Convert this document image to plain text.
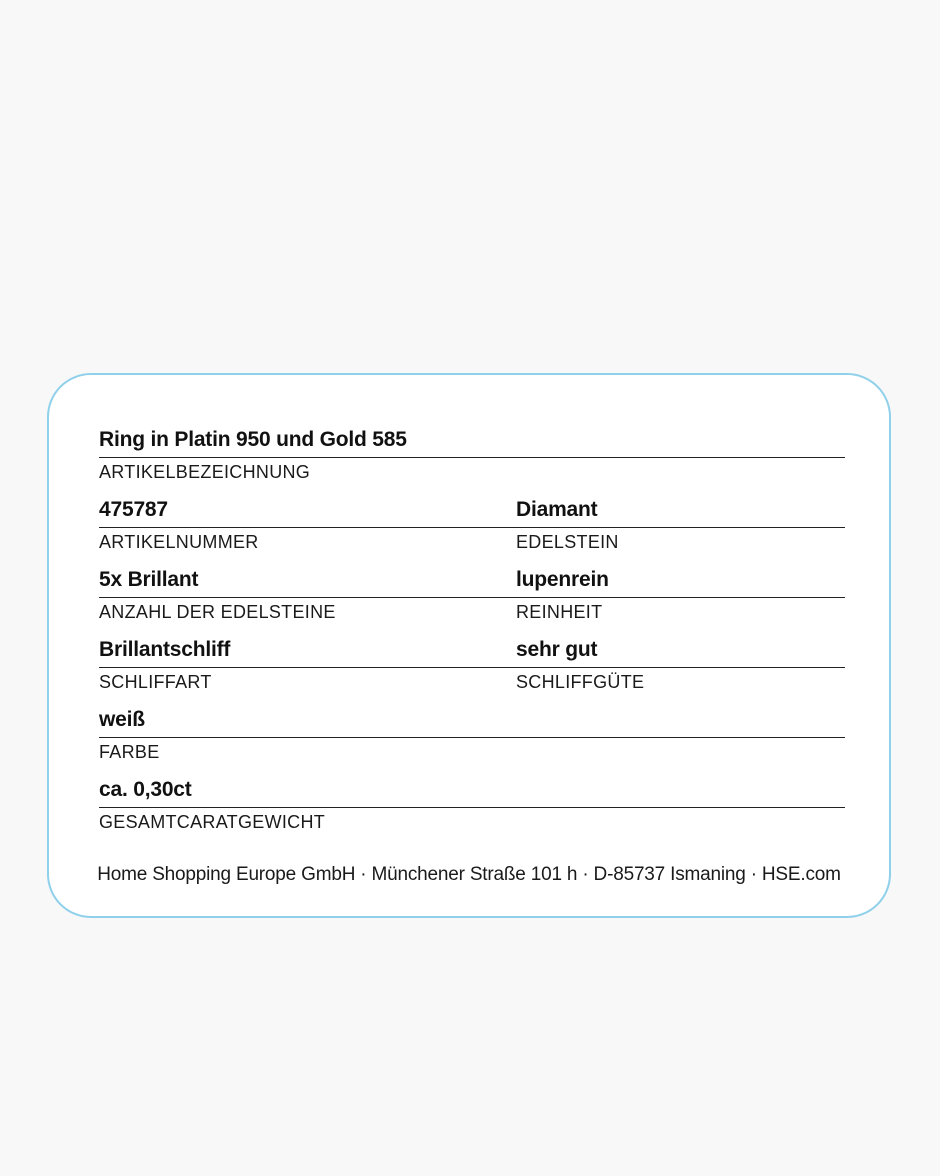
Ring in Platin 950 und Gold 585
ARTIKELBEZEICHNUNG
475787
ARTIKELNUMMER
Diamant
EDELSTEIN
5x Brillant
ANZAHL DER EDELSTEINE
lupenrein
REINHEIT
Brillantschliff
SCHLIFFART
sehr gut
SCHLIFFGÜTE
weiß
FARBE
ca. 0,30ct
GESAMTCARATGEWICHT
Home Shopping Europe GmbH · Münchener Straße 101 h · D-85737 Ismaning · HSE.com
